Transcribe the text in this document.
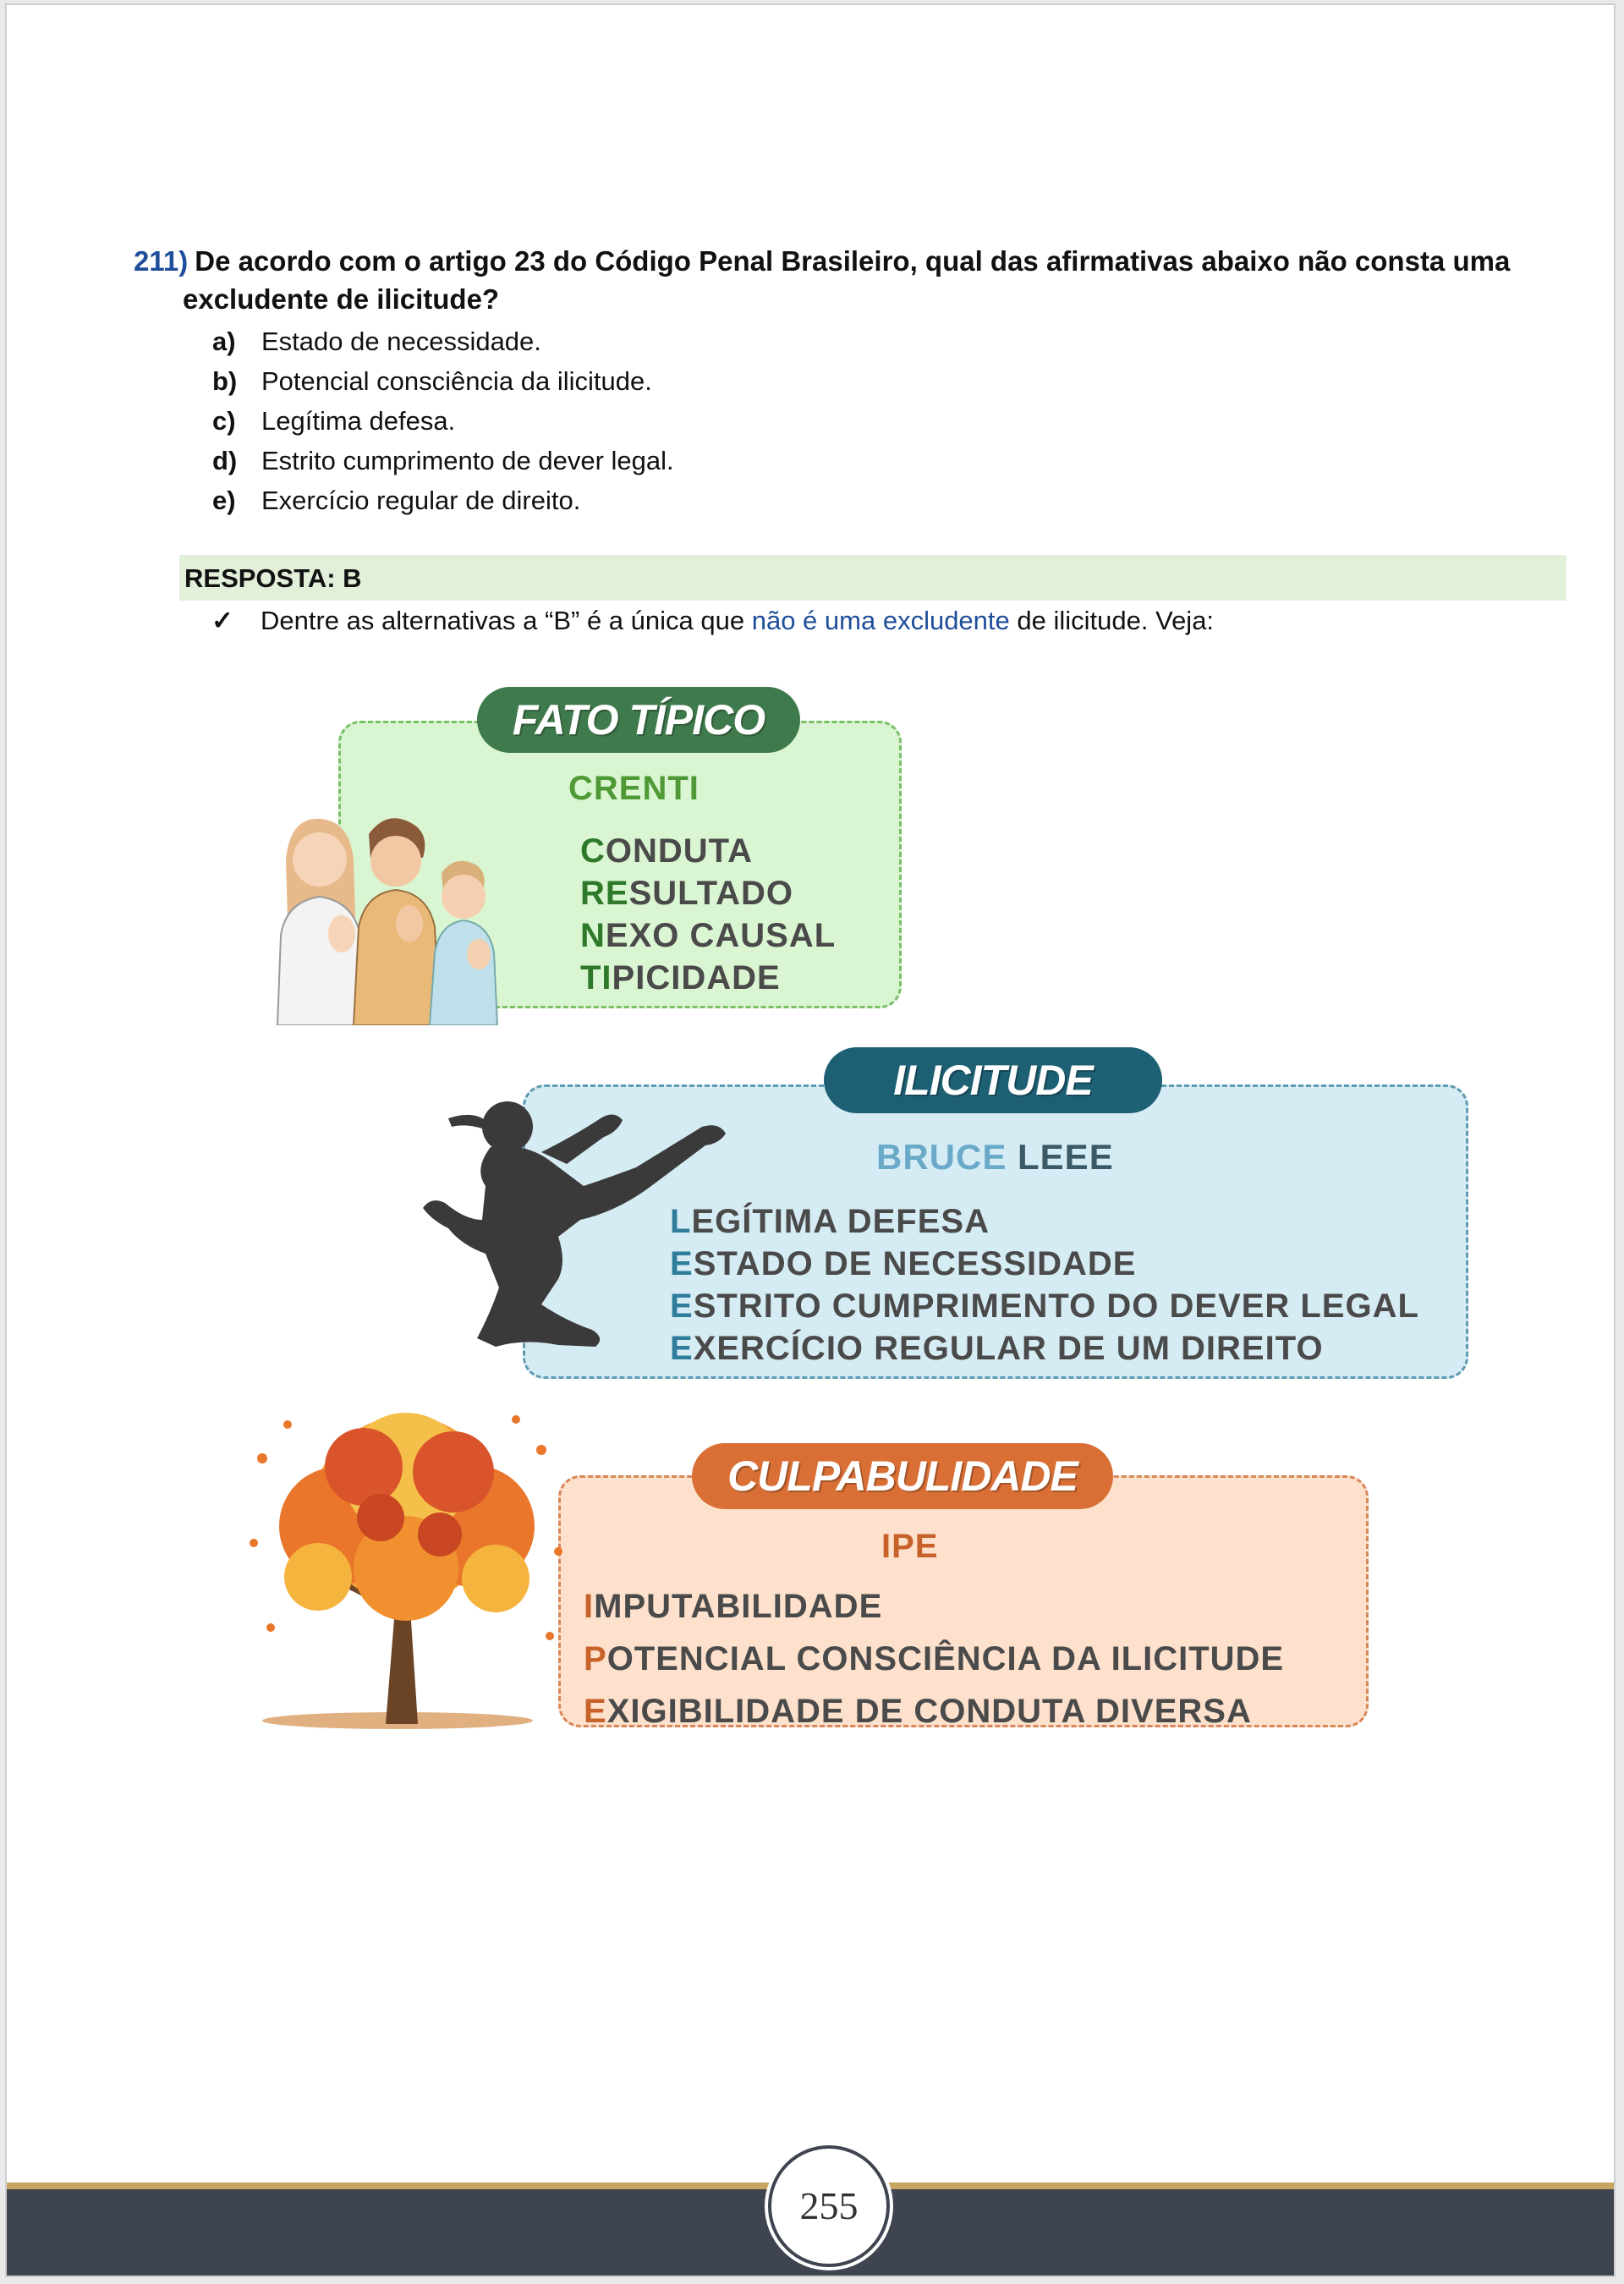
211) De acordo com o artigo 23 do Código Penal Brasileiro, qual das afirmativas abaixo não consta uma
excludente de ilicitude?
a) Estado de necessidade.
b) Potencial consciência da ilicitude.
c) Legítima defesa.
d) Estrito cumprimento de dever legal.
e) Exercício regular de direito.
RESPOSTA: B
✓	Dentre as alternativas a “B” é a única que não é uma excludente de ilicitude. Veja:
FATO TÍPICO
CRENTI
CONDUTA
RESULTADO
NEXO CAUSAL
TIPICIDADE
ILICITUDE
BRUCE LEEE
LEGÍTIMA DEFESA
ESTADO DE NECESSIDADE
ESTRITO CUMPRIMENTO DO DEVER LEGAL
EXERCÍCIO REGULAR DE UM DIREITO
CULPABULIDADE
IPE
IMPUTABILIDADE
POTENCIAL CONSCIÊNCIA DA ILICITUDE
EXIGIBILIDADE DE CONDUTA DIVERSA
255
